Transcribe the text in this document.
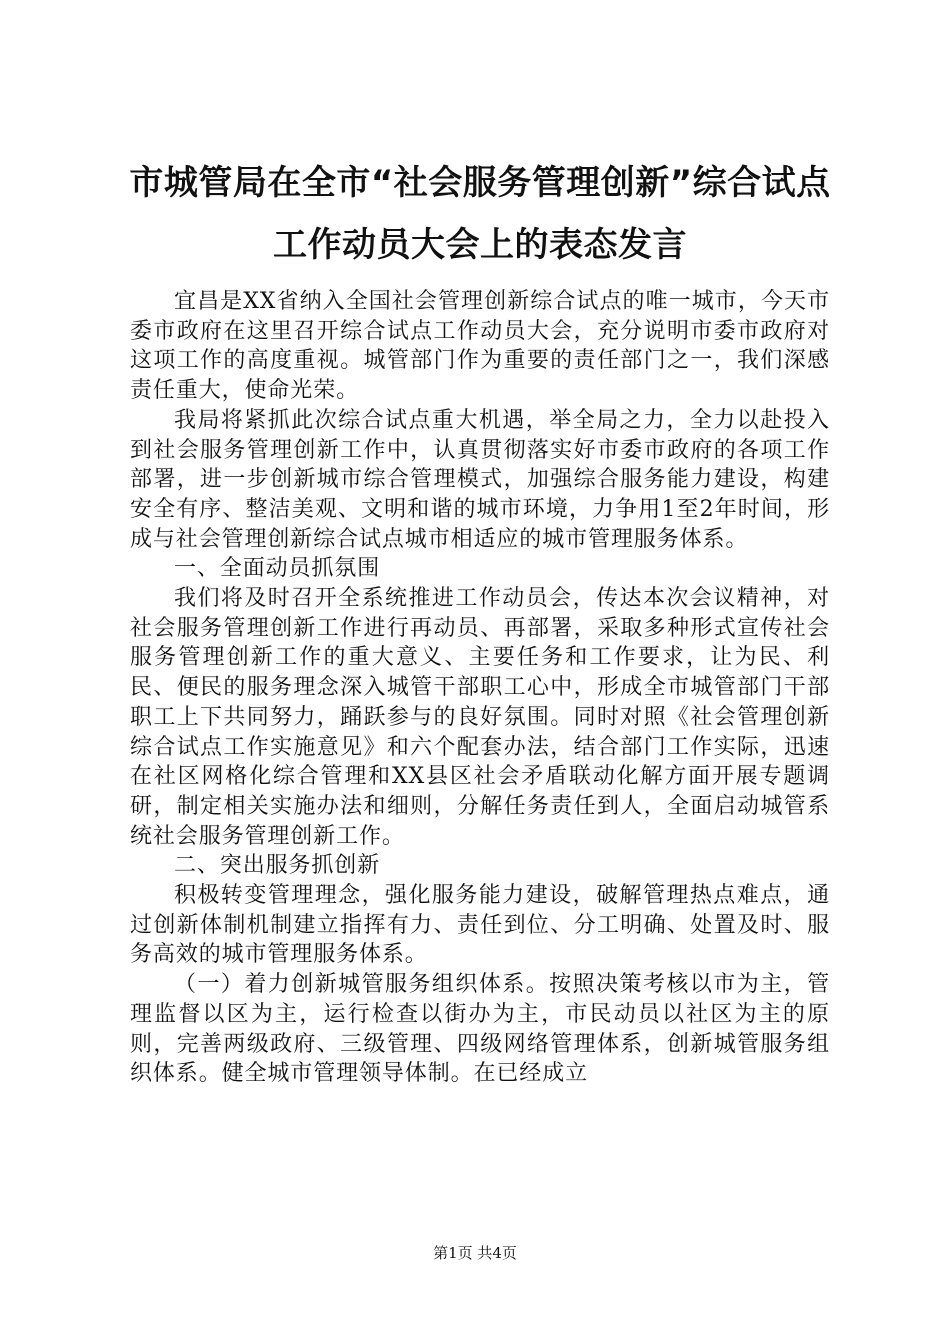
市城管局在全市“社会服务管理创新”综合试点工作动员大会上的表态发言

宜昌是XX省纳入全国社会管理创新综合试点的唯一城市，今天市委市政府在这里召开综合试点工作动员大会，充分说明市委市政府对这项工作的高度重视。城管部门作为重要的责任部门之一，我们深感责任重大，使命光荣。

我局将紧抓此次综合试点重大机遇，举全局之力，全力以赴投入到社会服务管理创新工作中，认真贯彻落实好市委市政府的各项工作部署，进一步创新城市综合管理模式，加强综合服务能力建设，构建安全有序、整洁美观、文明和谐的城市环境，力争用1至2年时间，形成与社会管理创新综合试点城市相适应的城市管理服务体系。

一、全面动员抓氛围

我们将及时召开全系统推进工作动员会，传达本次会议精神，对社会服务管理创新工作进行再动员、再部署，采取多种形式宣传社会服务管理创新工作的重大意义、主要任务和工作要求，让为民、利民、便民的服务理念深入城管干部职工心中，形成全市城管部门干部职工上下共同努力，踊跃参与的良好氛围。同时对照《社会管理创新综合试点工作实施意见》和六个配套办法，结合部门工作实际，迅速在社区网格化综合管理和XX县区社会矛盾联动化解方面开展专题调研，制定相关实施办法和细则，分解任务责任到人，全面启动城管系统社会服务管理创新工作。

二、突出服务抓创新

积极转变管理理念，强化服务能力建设，破解管理热点难点，通过创新体制机制建立指挥有力、责任到位、分工明确、处置及时、服务高效的城市管理服务体系。

（一）着力创新城管服务组织体系。按照决策考核以市为主，管理监督以区为主，运行检查以街办为主，市民动员以社区为主的原则，完善两级政府、三级管理、四级网络管理体系，创新城管服务组织体系。健全城市管理领导体制。在已经成立

第1页 共4页
